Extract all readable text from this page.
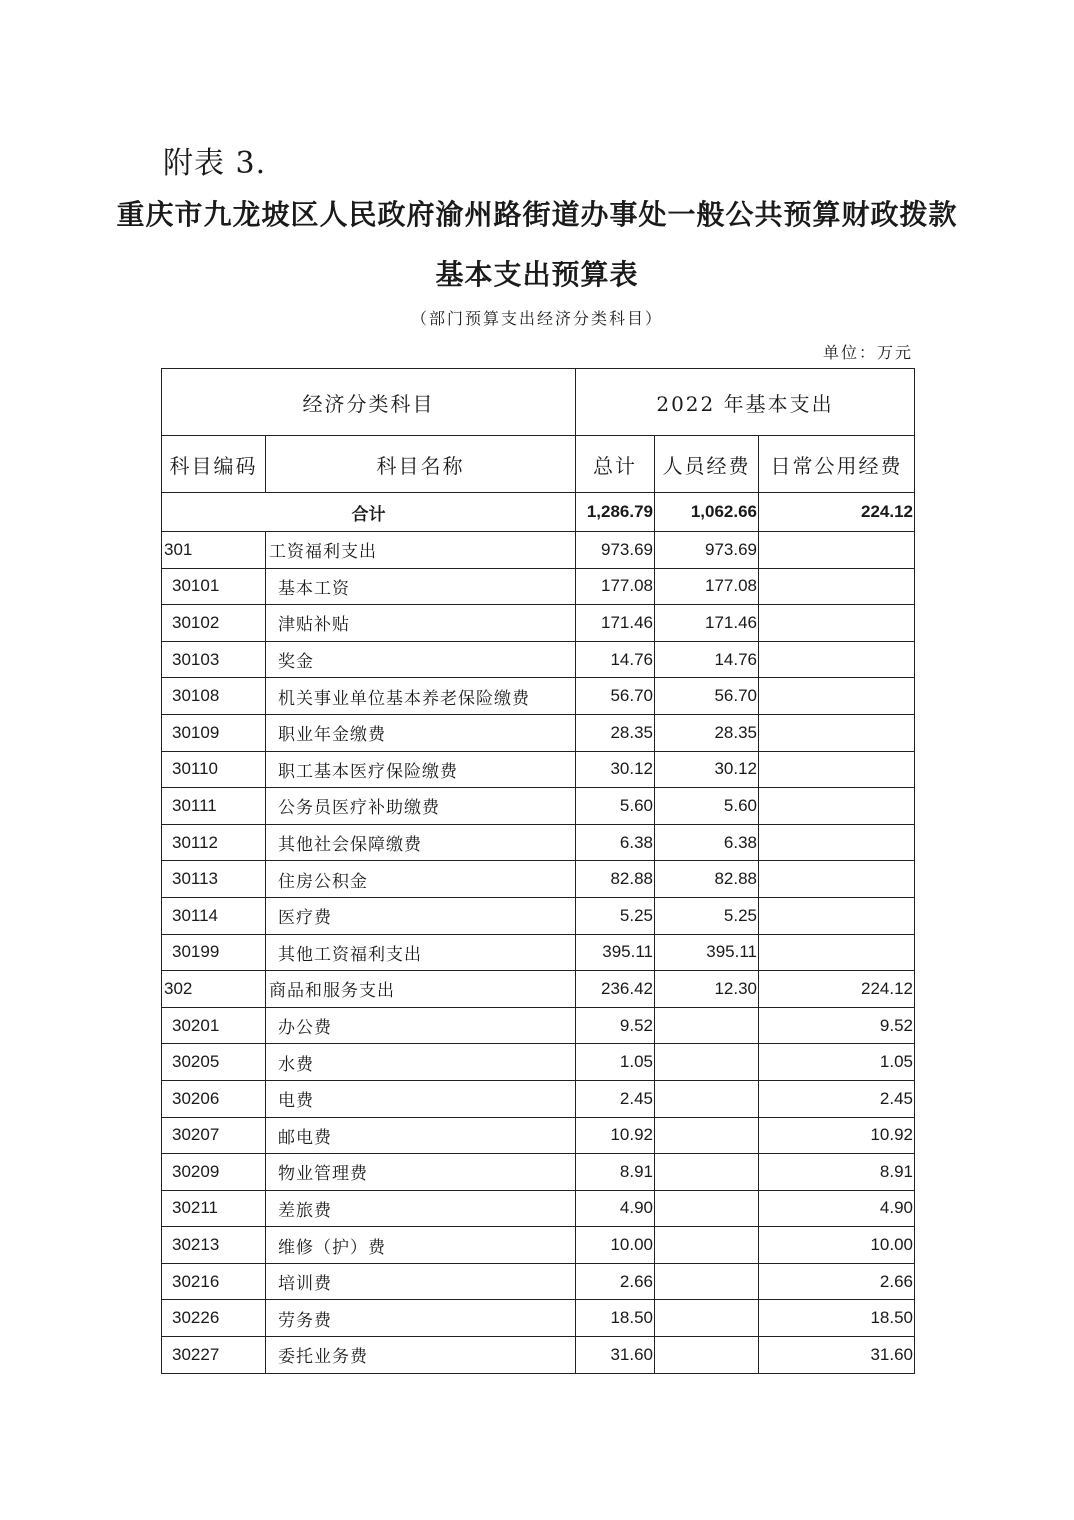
附表 3.
重庆市九龙坡区人民政府渝州路街道办事处一般公共预算财政拨款
基本支出预算表
（部门预算支出经济分类科目）
单位：万元
经济分类科目		2022 年基本支出		
科目编码	科目名称	总计	人员经费	日常公用经费
合计		1,286.79	1,062.66	224.12
301	工资福利支出	973.69	973.69	
30101	基本工资	177.08	177.08	
30102	津贴补贴	171.46	171.46	
30103	奖金	14.76	14.76	
30108	机关事业单位基本养老保险缴费	56.70	56.70	
30109	职业年金缴费	28.35	28.35	
30110	职工基本医疗保险缴费	30.12	30.12	
30111	公务员医疗补助缴费	5.60	5.60	
30112	其他社会保障缴费	6.38	6.38	
30113	住房公积金	82.88	82.88	
30114	医疗费	5.25	5.25	
30199	其他工资福利支出	395.11	395.11	
302	商品和服务支出	236.42	12.30	224.12
30201	办公费	9.52		9.52
30205	水费	1.05		1.05
30206	电费	2.45		2.45
30207	邮电费	10.92		10.92
30209	物业管理费	8.91		8.91
30211	差旅费	4.90		4.90
30213	维修（护）费	10.00		10.00
30216	培训费	2.66		2.66
30226	劳务费	18.50		18.50
30227	委托业务费	31.60		31.60
